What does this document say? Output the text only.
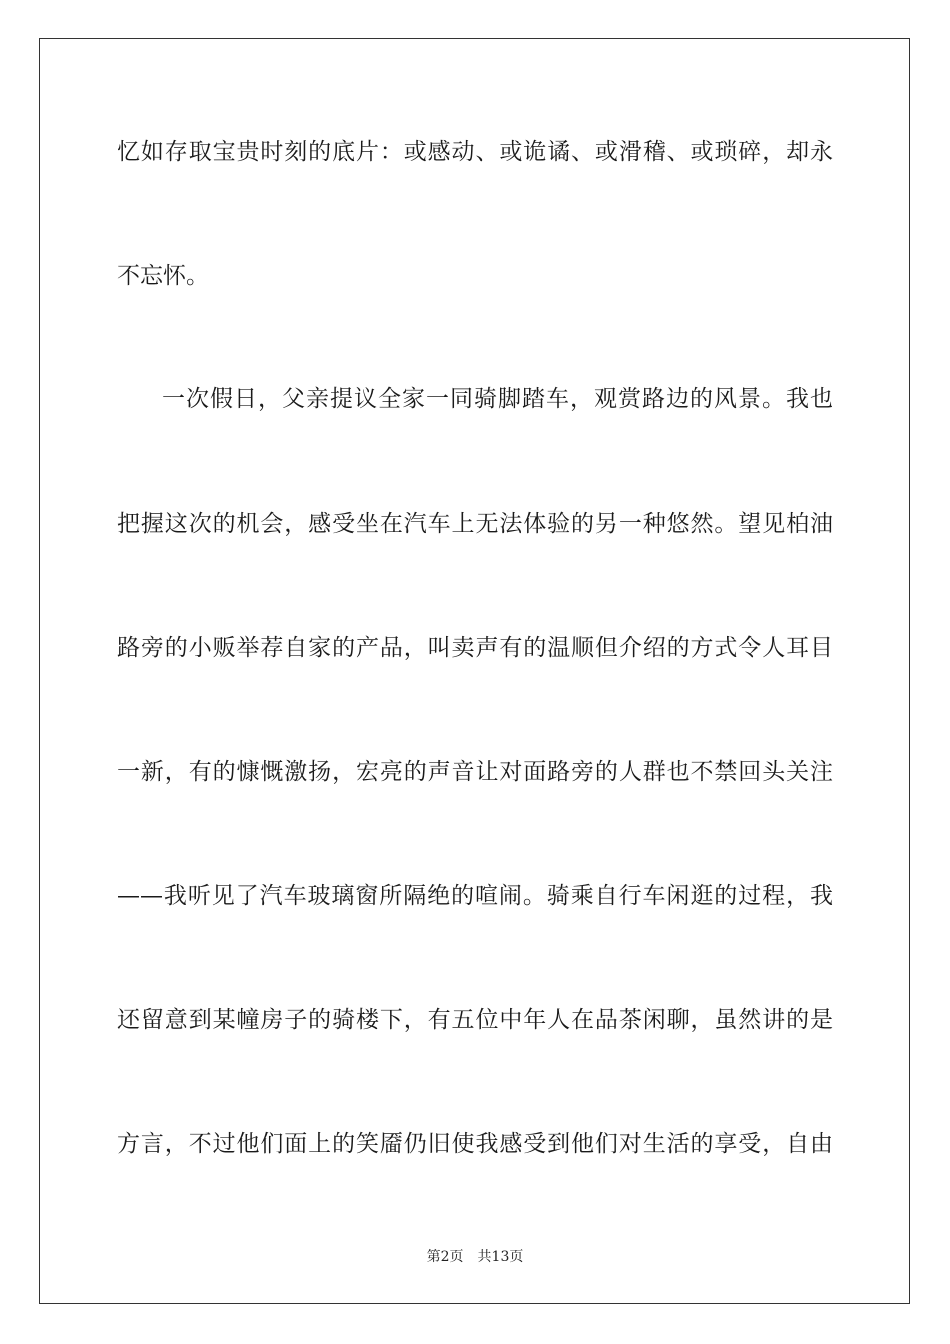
忆如存取宝贵时刻的底片：或感动、或诡谲、或滑稽、或琐碎，却永
不忘怀。
一次假日，父亲提议全家一同骑脚踏车，观赏路边的风景。我也
把握这次的机会，感受坐在汽车上无法体验的另一种悠然。望见柏油
路旁的小贩举荐自家的产品，叫卖声有的温顺但介绍的方式令人耳目
一新，有的慷慨激扬，宏亮的声音让对面路旁的人群也不禁回头关注
——我听见了汽车玻璃窗所隔绝的喧闹。骑乘自行车闲逛的过程，我
还留意到某幢房子的骑楼下，有五位中年人在品茶闲聊，虽然讲的是
方言，不过他们面上的笑靥仍旧使我感受到他们对生活的享受，自由
第2页 共13页
